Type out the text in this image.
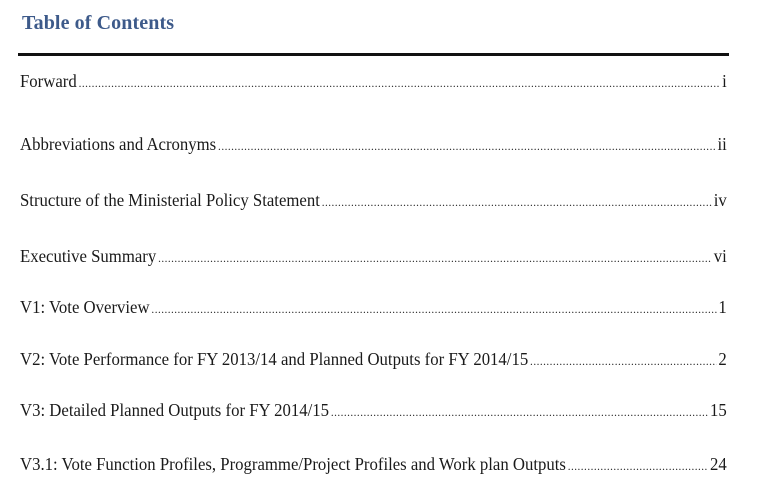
Table of Contents
Forward .....	i
Abbreviations and Acronyms .....	ii
Structure of the Ministerial Policy Statement .....	iv
Executive Summary .....	vi
V1: Vote Overview .....	1
V2: Vote Performance for FY 2013/14 and Planned Outputs for FY 2014/15 .....	2
V3: Detailed Planned Outputs for FY 2014/15 .....	15
V3.1: Vote Function Profiles, Programme/Project Profiles and Work plan Outputs .....	24
